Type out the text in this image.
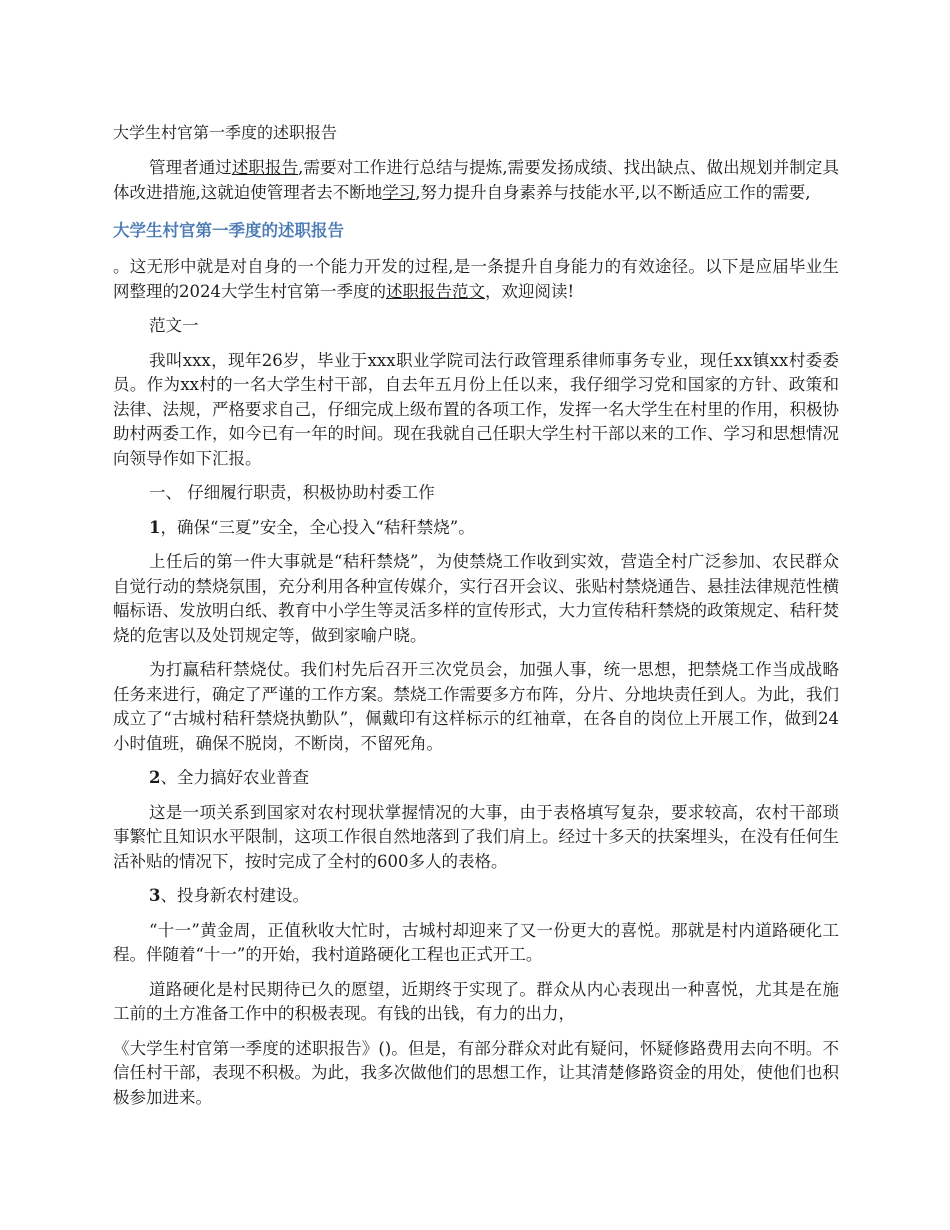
大学生村官第一季度的述职报告

管理者通过述职报告,需要对工作进行总结与提炼,需要发扬成绩、找出缺点、做出规划并制定具体改进措施,这就迫使管理者去不断地学习,努力提升自身素养与技能水平,以不断适应工作的需要,

大学生村官第一季度的述职报告

。这无形中就是对自身的一个能力开发的过程,是一条提升自身能力的有效途径。以下是应届毕业生网整理的2024大学生村官第一季度的述职报告范文，欢迎阅读!

范文一

我叫xxx，现年26岁，毕业于xxx职业学院司法行政管理系律师事务专业，现任xx镇xx村委委员。作为xx村的一名大学生村干部，自去年五月份上任以来，我仔细学习党和国家的方针、政策和法律、法规，严格要求自己，仔细完成上级布置的各项工作，发挥一名大学生在村里的作用，积极协助村两委工作，如今已有一年的时间。现在我就自己任职大学生村干部以来的工作、学习和思想情况向领导作如下汇报。

一、 仔细履行职责，积极协助村委工作

1，确保“三夏”安全，全心投入“秸秆禁烧”。

上任后的第一件大事就是“秸秆禁烧”，为使禁烧工作收到实效，营造全村广泛参加、农民群众自觉行动的禁烧氛围，充分利用各种宣传媒介，实行召开会议、张贴村禁烧通告、悬挂法律规范性横幅标语、发放明白纸、教育中小学生等灵活多样的宣传形式，大力宣传秸秆禁烧的政策规定、秸秆焚烧的危害以及处罚规定等，做到家喻户晓。

为打赢秸秆禁烧仗。我们村先后召开三次党员会，加强人事，统一思想，把禁烧工作当成战略任务来进行，确定了严谨的工作方案。禁烧工作需要多方布阵，分片、分地块责任到人。为此，我们成立了“古城村秸秆禁烧执勤队”，佩戴印有这样标示的红袖章，在各自的岗位上开展工作，做到24小时值班，确保不脱岗，不断岗，不留死角。

2、全力搞好农业普查

这是一项关系到国家对农村现状掌握情况的大事，由于表格填写复杂，要求较高，农村干部琐事繁忙且知识水平限制，这项工作很自然地落到了我们肩上。经过十多天的扶案埋头，在没有任何生活补贴的情况下，按时完成了全村的600多人的表格。

3、投身新农村建设。

“十一”黄金周，正值秋收大忙时，古城村却迎来了又一份更大的喜悦。那就是村内道路硬化工程。伴随着“十一”的开始，我村道路硬化工程也正式开工。

道路硬化是村民期待已久的愿望，近期终于实现了。群众从内心表现出一种喜悦，尤其是在施工前的土方准备工作中的积极表现。有钱的出钱，有力的出力，

《大学生村官第一季度的述职报告》()。但是，有部分群众对此有疑问，怀疑修路费用去向不明。不信任村干部，表现不积极。为此，我多次做他们的思想工作，让其清楚修路资金的用处，使他们也积极参加进来。
